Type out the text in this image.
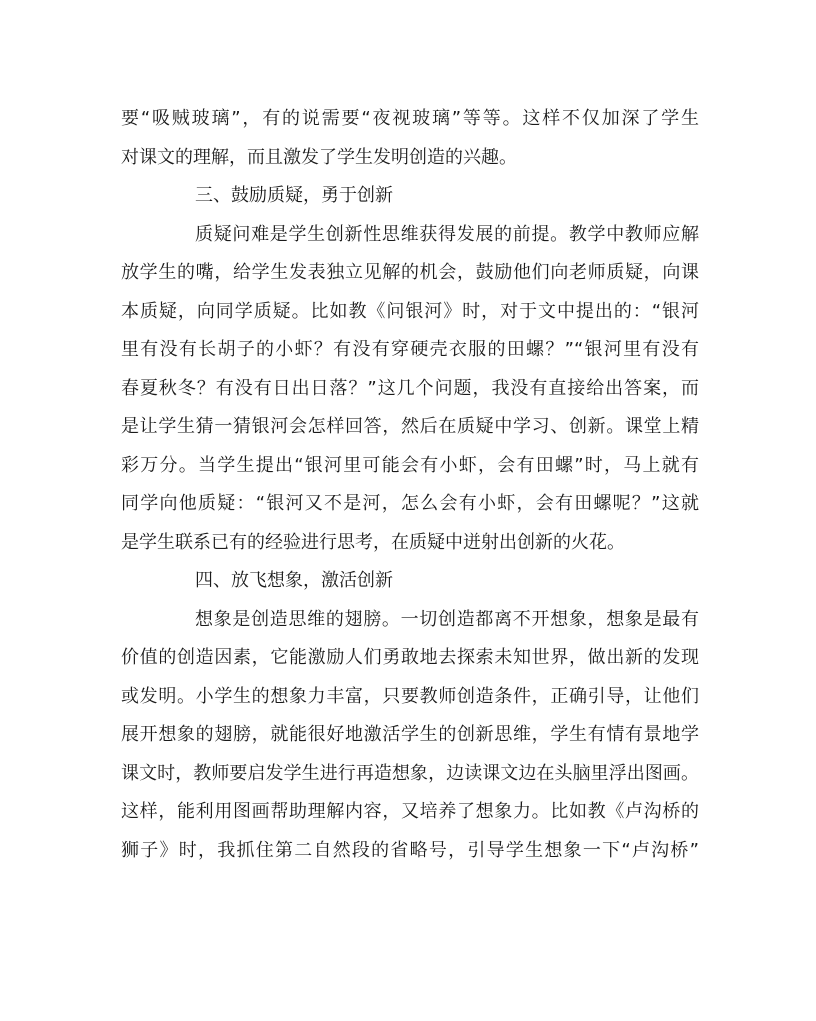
要“吸贼玻璃”，有的说需要“夜视玻璃”等等。这样不仅加深了学生
对课文的理解，而且激发了学生发明创造的兴趣。
三、鼓励质疑，勇于创新
质疑问难是学生创新性思维获得发展的前提。教学中教师应解
放学生的嘴，给学生发表独立见解的机会，鼓励他们向老师质疑，向课
本质疑，向同学质疑。比如教《问银河》时，对于文中提出的：“银河
里有没有长胡子的小虾？有没有穿硬壳衣服的田螺？”“银河里有没有
春夏秋冬？有没有日出日落？”这几个问题，我没有直接给出答案，而
是让学生猜一猜银河会怎样回答，然后在质疑中学习、创新。课堂上精
彩万分。当学生提出“银河里可能会有小虾，会有田螺”时，马上就有
同学向他质疑：“银河又不是河，怎么会有小虾，会有田螺呢？”这就
是学生联系已有的经验进行思考，在质疑中迸射出创新的火花。
四、放飞想象，激活创新
想象是创造思维的翅膀。一切创造都离不开想象，想象是最有
价值的创造因素，它能激励人们勇敢地去探索未知世界，做出新的发现
或发明。小学生的想象力丰富，只要教师创造条件，正确引导，让他们
展开想象的翅膀，就能很好地激活学生的创新思维，学生有情有景地学
课文时，教师要启发学生进行再造想象，边读课文边在头脑里浮出图画。
这样，能利用图画帮助理解内容，又培养了想象力。比如教《卢沟桥的
狮子》时，我抓住第二自然段的省略号，引导学生想象一下“卢沟桥”
